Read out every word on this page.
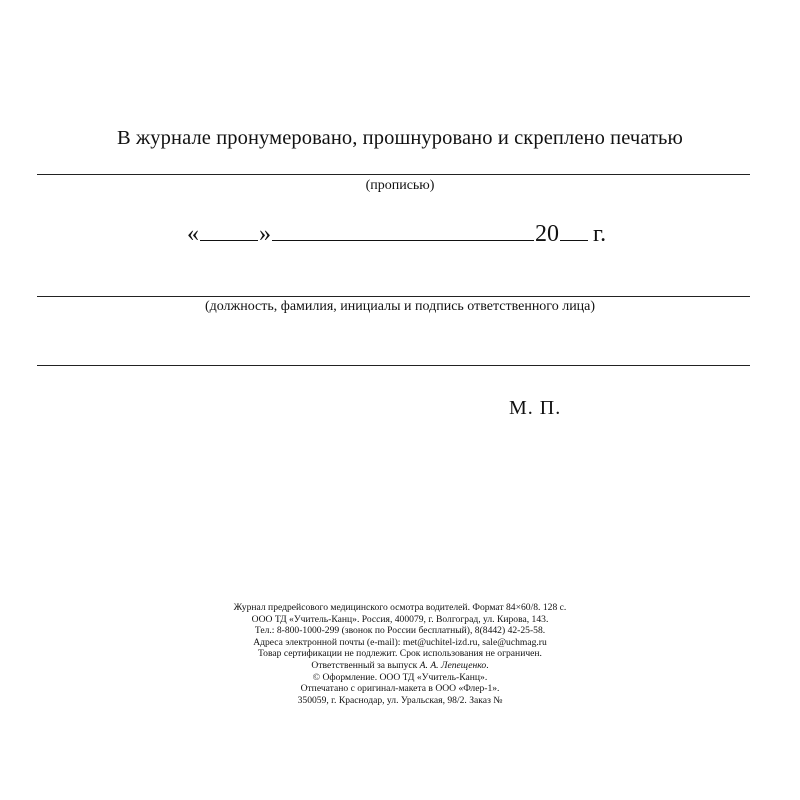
В журнале пронумеровано, прошнуровано и скреплено печатью
(прописью)
«	»	20 г.
(должность, фамилия, инициалы и подпись ответственного лица)
М. П.
Журнал предрейсового медицинского осмотра водителей. Формат 84×60/8. 128 с.
ООО ТД «Учитель-Канц». Россия, 400079, г. Волгоград, ул. Кирова, 143.
Тел.: 8-800-1000-299 (звонок по России бесплатный), 8(8442) 42-25-58.
Адреса электронной почты (e-mail): met@uchitel-izd.ru, sale@uchmag.ru
Товар сертификации не подлежит. Срок использования не ограничен.
Ответственный за выпуск А. А. Лепещенко.
© Оформление. ООО ТД «Учитель-Канц».
Отпечатано с оригинал-макета в ООО «Флер-1».
350059, г. Краснодар, ул. Уральская, 98/2. Заказ №
